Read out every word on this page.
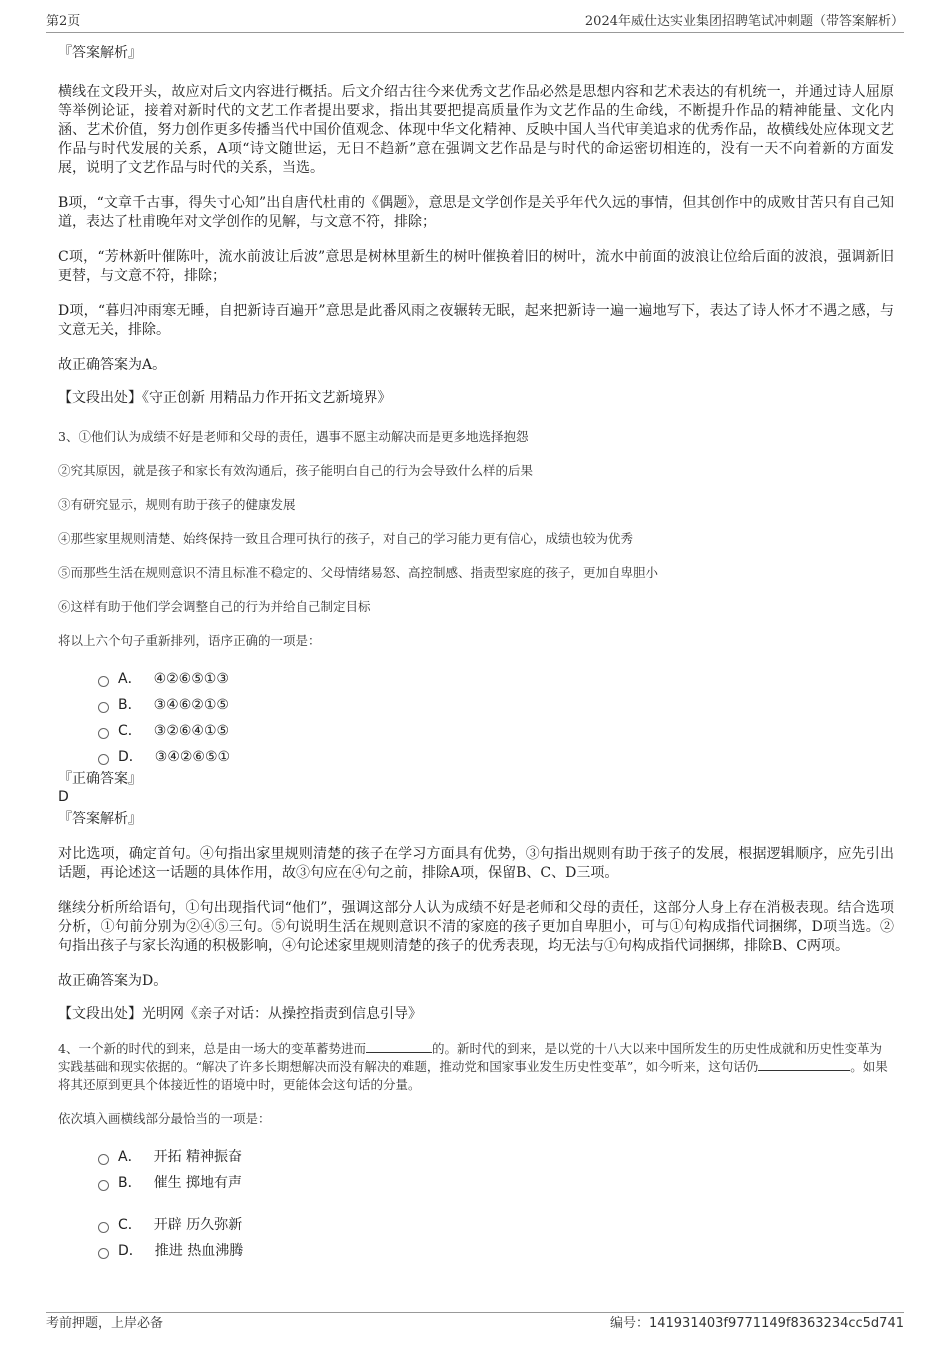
第2页	2024年威仕达实业集团招聘笔试冲刺题（带答案解析）

『答案解析』

横线在文段开头，故应对后文内容进行概括。后文介绍古往今来优秀文艺作品必然是思想内容和艺术表达的有机统一，并通过诗人屈原等举例论证，接着对新时代的文艺工作者提出要求，指出其要把提高质量作为文艺作品的生命线，不断提升作品的精神能量、文化内涵、艺术价值，努力创作更多传播当代中国价值观念、体现中华文化精神、反映中国人当代审美追求的优秀作品，故横线处应体现文艺作品与时代发展的关系，A项“诗文随世运，无日不趋新”意在强调文艺作品是与时代的命运密切相连的，没有一天不向着新的方面发展，说明了文艺作品与时代的关系，当选。

B项，“文章千古事，得失寸心知”出自唐代杜甫的《偶题》，意思是文学创作是关乎年代久远的事情，但其创作中的成败甘苦只有自己知道，表达了杜甫晚年对文学创作的见解，与文意不符，排除；

C项，“芳林新叶催陈叶，流水前波让后波”意思是树林里新生的树叶催换着旧的树叶，流水中前面的波浪让位给后面的波浪，强调新旧更替，与文意不符，排除；

D项，“暮归冲雨寒无睡，自把新诗百遍开”意思是此番风雨之夜辗转无眠，起来把新诗一遍一遍地写下，表达了诗人怀才不遇之感，与文意无关，排除。

故正确答案为A。

【文段出处】《守正创新 用精品力作开拓文艺新境界》

3、①他们认为成绩不好是老师和父母的责任，遇事不愿主动解决而是更多地选择抱怨

②究其原因，就是孩子和家长有效沟通后，孩子能明白自己的行为会导致什么样的后果

③有研究显示，规则有助于孩子的健康发展

④那些家里规则清楚、始终保持一致且合理可执行的孩子，对自己的学习能力更有信心，成绩也较为优秀

⑤而那些生活在规则意识不清且标准不稳定的、父母情绪易怒、高控制感、指责型家庭的孩子，更加自卑胆小

⑥这样有助于他们学会调整自己的行为并给自己制定目标

将以上六个句子重新排列，语序正确的一项是：

A． ④②⑥⑤①③
B． ③④⑥②①⑤
C． ③②⑥④①⑤
D． ③④②⑥⑤①

『正确答案』

D

『答案解析』

对比选项，确定首句。④句指出家里规则清楚的孩子在学习方面具有优势，③句指出规则有助于孩子的发展，根据逻辑顺序，应先引出话题，再论述这一话题的具体作用，故③句应在④句之前，排除A项，保留B、C、D三项。

继续分析所给语句，①句出现指代词“他们”，强调这部分人认为成绩不好是老师和父母的责任，这部分人身上存在消极表现。结合选项分析，①句前分别为②④⑤三句。⑤句说明生活在规则意识不清的家庭的孩子更加自卑胆小，可与①句构成指代词捆绑，D项当选。②句指出孩子与家长沟通的积极影响，④句论述家里规则清楚的孩子的优秀表现，均无法与①句构成指代词捆绑，排除B、C两项。

故正确答案为D。

【文段出处】光明网《亲子对话：从操控指责到信息引导》

4、一个新的时代的到来，总是由一场大的变革蓄势进而	的。新时代的到来，是以党的十八大以来中国所发生的历史性成就和历史性变革为实践基础和现实依据的。“解决了许多长期想解决而没有解决的难题，推动党和国家事业发生历史性变革”，如今听来，这句话仍	。如果将其还原到更具个体接近性的语境中时，更能体会这句话的分量。

依次填入画横线部分最恰当的一项是：

A． 开拓 精神振奋
B． 催生 掷地有声
C． 开辟 历久弥新
D． 推进 热血沸腾
考前押题，上岸必备	编号：141931403f9771149f8363234cc5d741
